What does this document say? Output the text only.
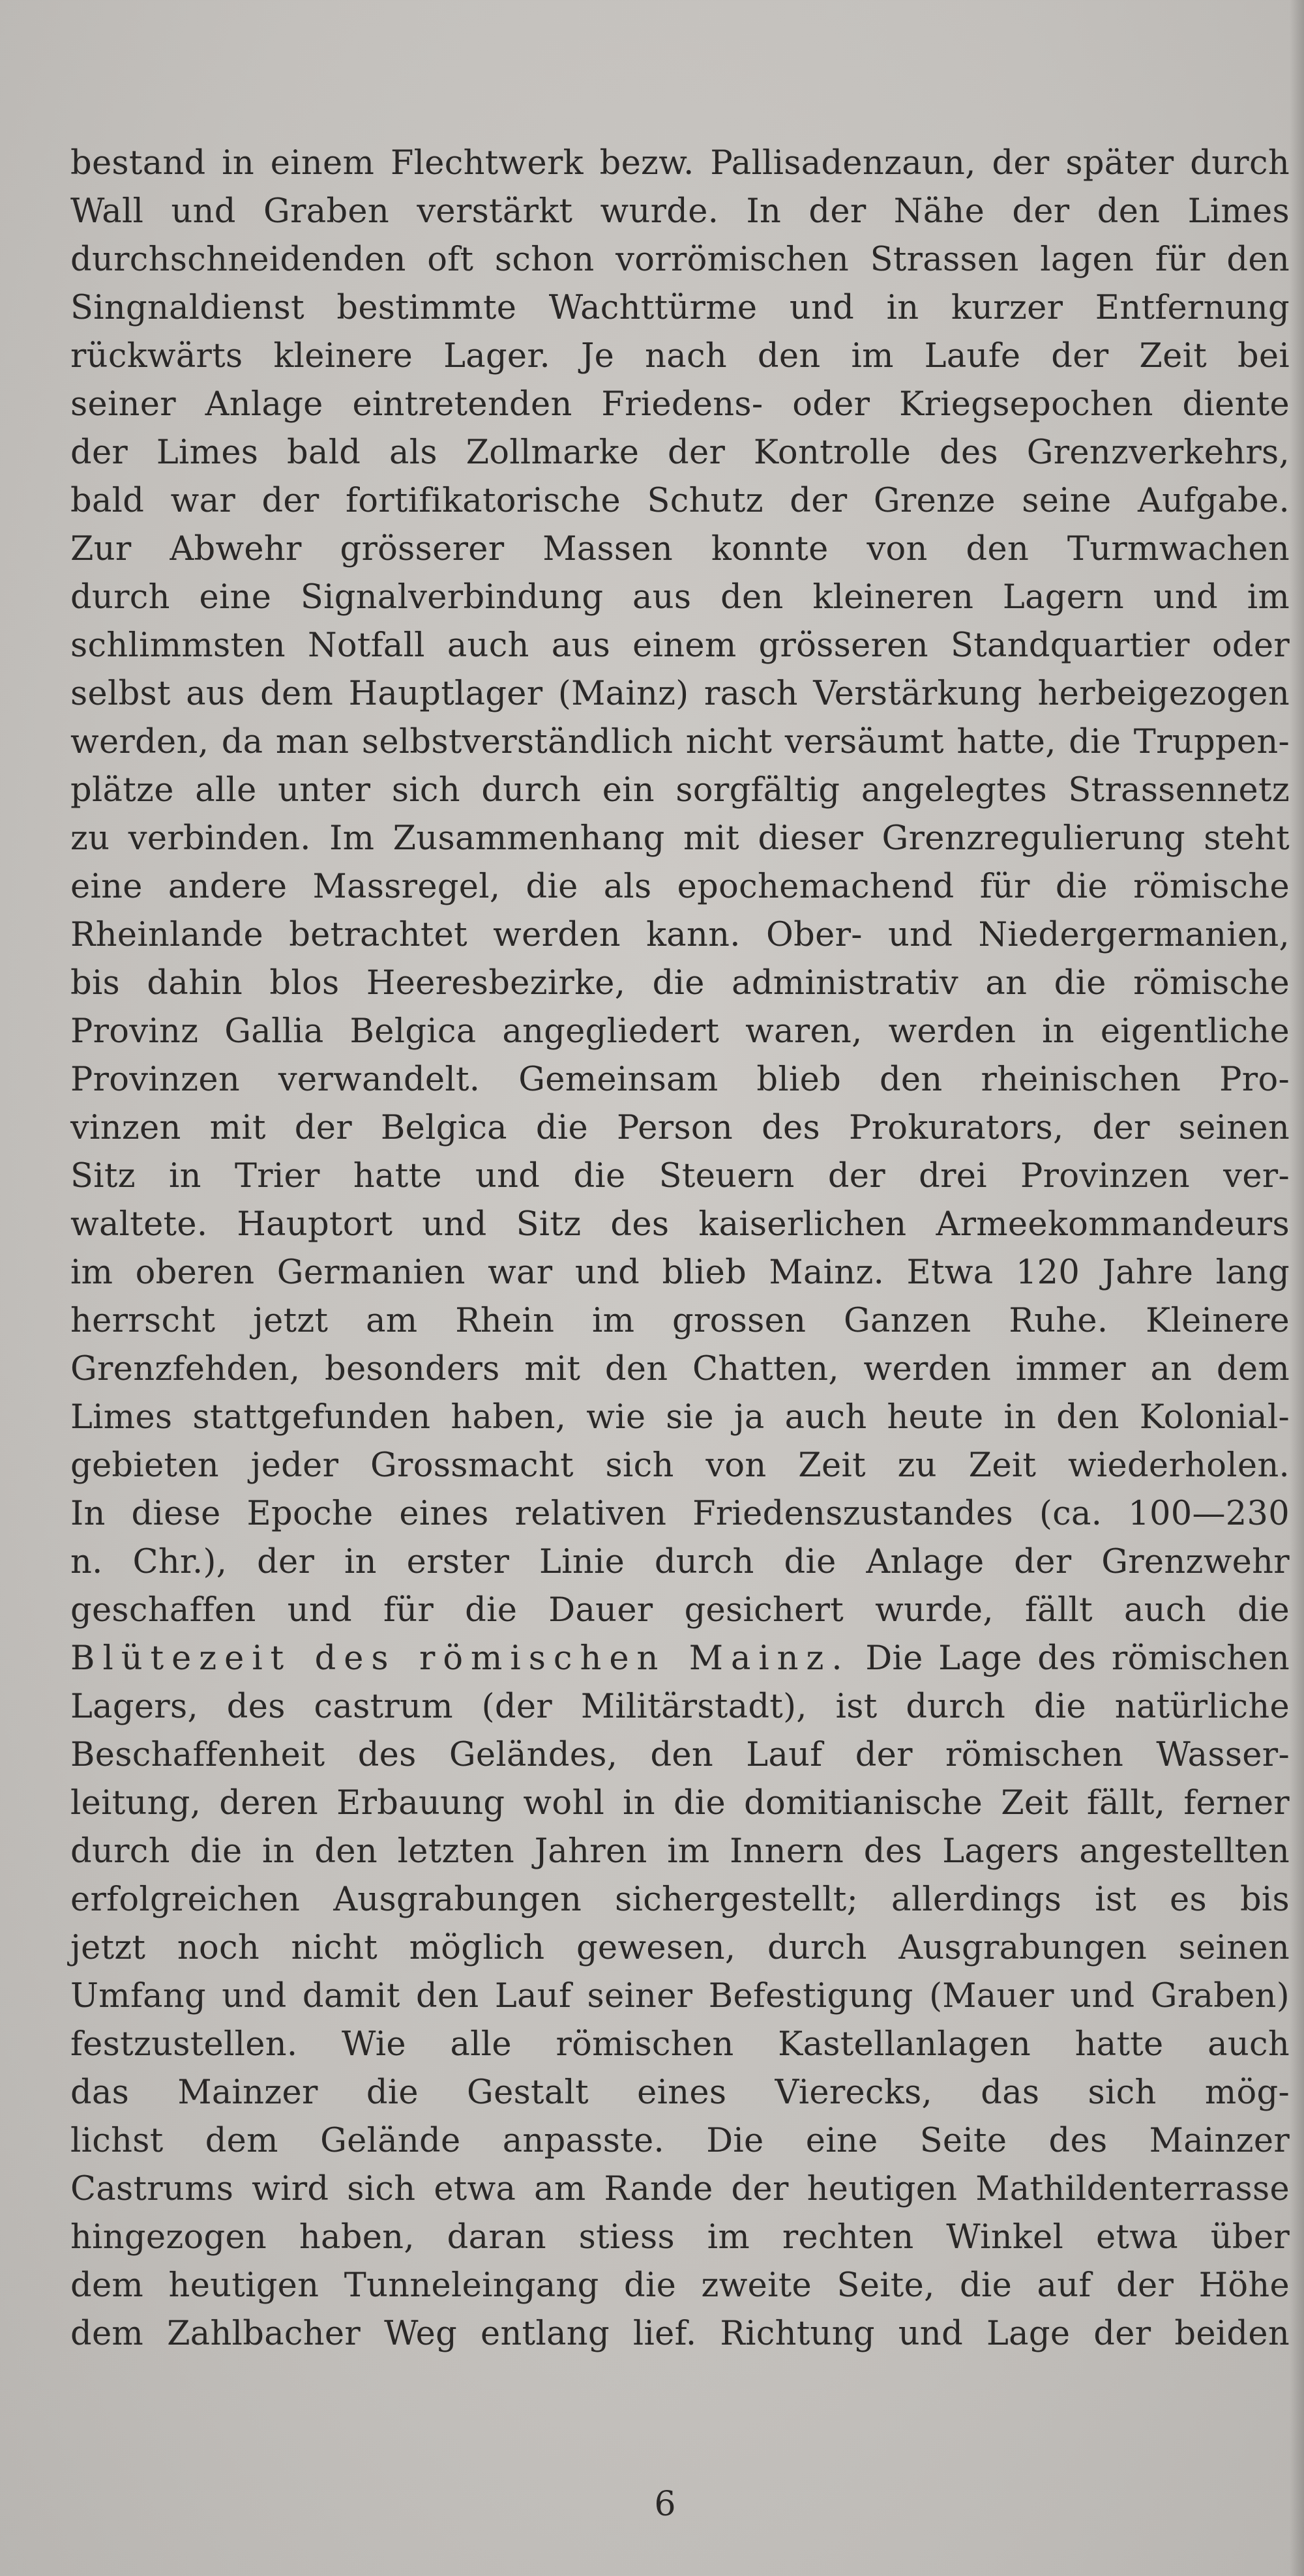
bestand in einem Flechtwerk bezw. Pallisadenzaun, der später durch
Wall und Graben verstärkt wurde. In der Nähe der den Limes
durchschneidenden oft schon vorrömischen Strassen lagen für den
Singnaldienst bestimmte Wachttürme und in kurzer Entfernung
rückwärts kleinere Lager. Je nach den im Laufe der Zeit bei
seiner Anlage eintretenden Friedens- oder Kriegsepochen diente
der Limes bald als Zollmarke der Kontrolle des Grenzverkehrs,
bald war der fortifikatorische Schutz der Grenze seine Aufgabe.
Zur Abwehr grösserer Massen konnte von den Turmwachen
durch eine Signalverbindung aus den kleineren Lagern und im
schlimmsten Notfall auch aus einem grösseren Standquartier oder
selbst aus dem Hauptlager (Mainz) rasch Verstärkung herbeigezogen
werden, da man selbstverständlich nicht versäumt hatte, die Truppen-
plätze alle unter sich durch ein sorgfältig angelegtes Strassennetz
zu verbinden. Im Zusammenhang mit dieser Grenzregulierung steht
eine andere Massregel, die als epochemachend für die römische
Rheinlande betrachtet werden kann. Ober- und Niedergermanien,
bis dahin blos Heeresbezirke, die administrativ an die römische
Provinz Gallia Belgica angegliedert waren, werden in eigentliche
Provinzen verwandelt. Gemeinsam blieb den rheinischen Pro-
vinzen mit der Belgica die Person des Prokurators, der seinen
Sitz in Trier hatte und die Steuern der drei Provinzen ver-
waltete. Hauptort und Sitz des kaiserlichen Armeekommandeurs
im oberen Germanien war und blieb Mainz. Etwa 120 Jahre lang
herrscht jetzt am Rhein im grossen Ganzen Ruhe. Kleinere
Grenzfehden, besonders mit den Chatten, werden immer an dem
Limes stattgefunden haben, wie sie ja auch heute in den Kolonial-
gebieten jeder Grossmacht sich von Zeit zu Zeit wiederholen.
In diese Epoche eines relativen Friedenszustandes (ca. 100—230
n. Chr.), der in erster Linie durch die Anlage der Grenzwehr
geschaffen und für die Dauer gesichert wurde, fällt auch die
Blütezeit des römischen Mainz. Die Lage des römischen
Lagers, des castrum (der Militärstadt), ist durch die natürliche
Beschaffenheit des Geländes, den Lauf der römischen Wasser-
leitung, deren Erbauung wohl in die domitianische Zeit fällt, ferner
durch die in den letzten Jahren im Innern des Lagers angestellten
erfolgreichen Ausgrabungen sichergestellt; allerdings ist es bis
jetzt noch nicht möglich gewesen, durch Ausgrabungen seinen
Umfang und damit den Lauf seiner Befestigung (Mauer und Graben)
festzustellen. Wie alle römischen Kastellanlagen hatte auch
das Mainzer die Gestalt eines Vierecks, das sich mög-
lichst dem Gelände anpasste. Die eine Seite des Mainzer
Castrums wird sich etwa am Rande der heutigen Mathildenterrasse
hingezogen haben, daran stiess im rechten Winkel etwa über
dem heutigen Tunneleingang die zweite Seite, die auf der Höhe
dem Zahlbacher Weg entlang lief. Richtung und Lage der beiden
6
